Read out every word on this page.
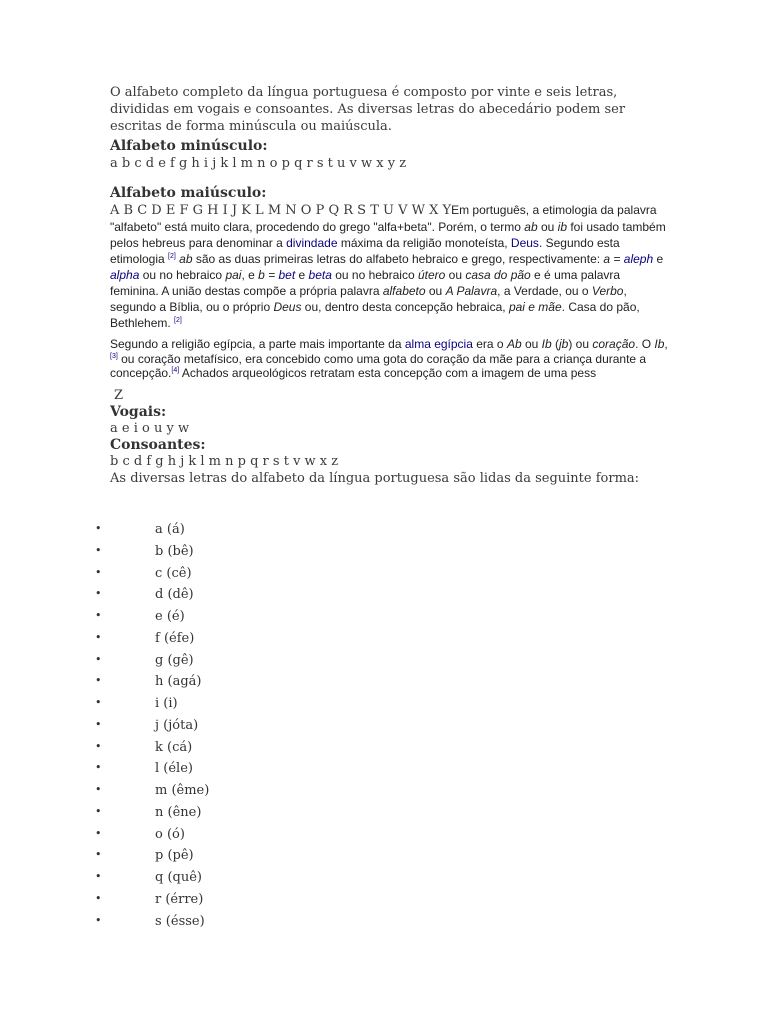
O alfabeto completo da língua portuguesa é composto por vinte e seis letras, divididas em vogais e consoantes. As diversas letras do abecedário podem ser escritas de forma minúscula ou maiúscula.
Alfabeto minúsculo:
a b c d e f g h i j k l m n o p q r s t u v w x y z
Alfabeto maiúsculo:
A B C D E F G H I J K L M N O P Q R S T U V W X YEm português, a etimologia da palavra "alfabeto" está muito clara, procedendo do grego "alfa+beta". Porém, o termo ab ou ib foi usado também pelos hebreus para denominar a divindade máxima da religião monoteísta, Deus. Segundo esta etimologia [2] ab são as duas primeiras letras do alfabeto hebraico e grego, respectivamente: a = aleph e alpha ou no hebraico pai, e b = bet e beta ou no hebraico útero ou casa do pão e é uma palavra feminina. A união destas compõe a própria palavra alfabeto ou A Palavra, a Verdade, ou o Verbo, segundo a Bíblia, ou o próprio Deus ou, dentro desta concepção hebraica, pai e mãe. Casa do pão, Bethlehem. [2]
Segundo a religião egípcia, a parte mais importante da alma egípcia era o Ab ou Ib (jb) ou coração. O Ib,[3] ou coração metafísico, era concebido como uma gota do coração da mãe para a criança durante a concepção.[4] Achados arqueológicos retratam esta concepção com a imagem de uma pess
Z
Vogais:
a e i o u y w
Consoantes:
b c d f g h j k l m n p q r s t v w x z
As diversas letras do alfabeto da língua portuguesa são lidas da seguinte forma:
•	a (á)
•	b (bê)
•	c (cê)
•	d (dê)
•	e (é)
•	f (éfe)
•	g (gê)
•	h (agá)
•	i (i)
•	j (jóta)
•	k (cá)
•	l (éle)
•	m (ême)
•	n (êne)
•	o (ó)
•	p (pê)
•	q (quê)
•	r (érre)
•	s (ésse)
